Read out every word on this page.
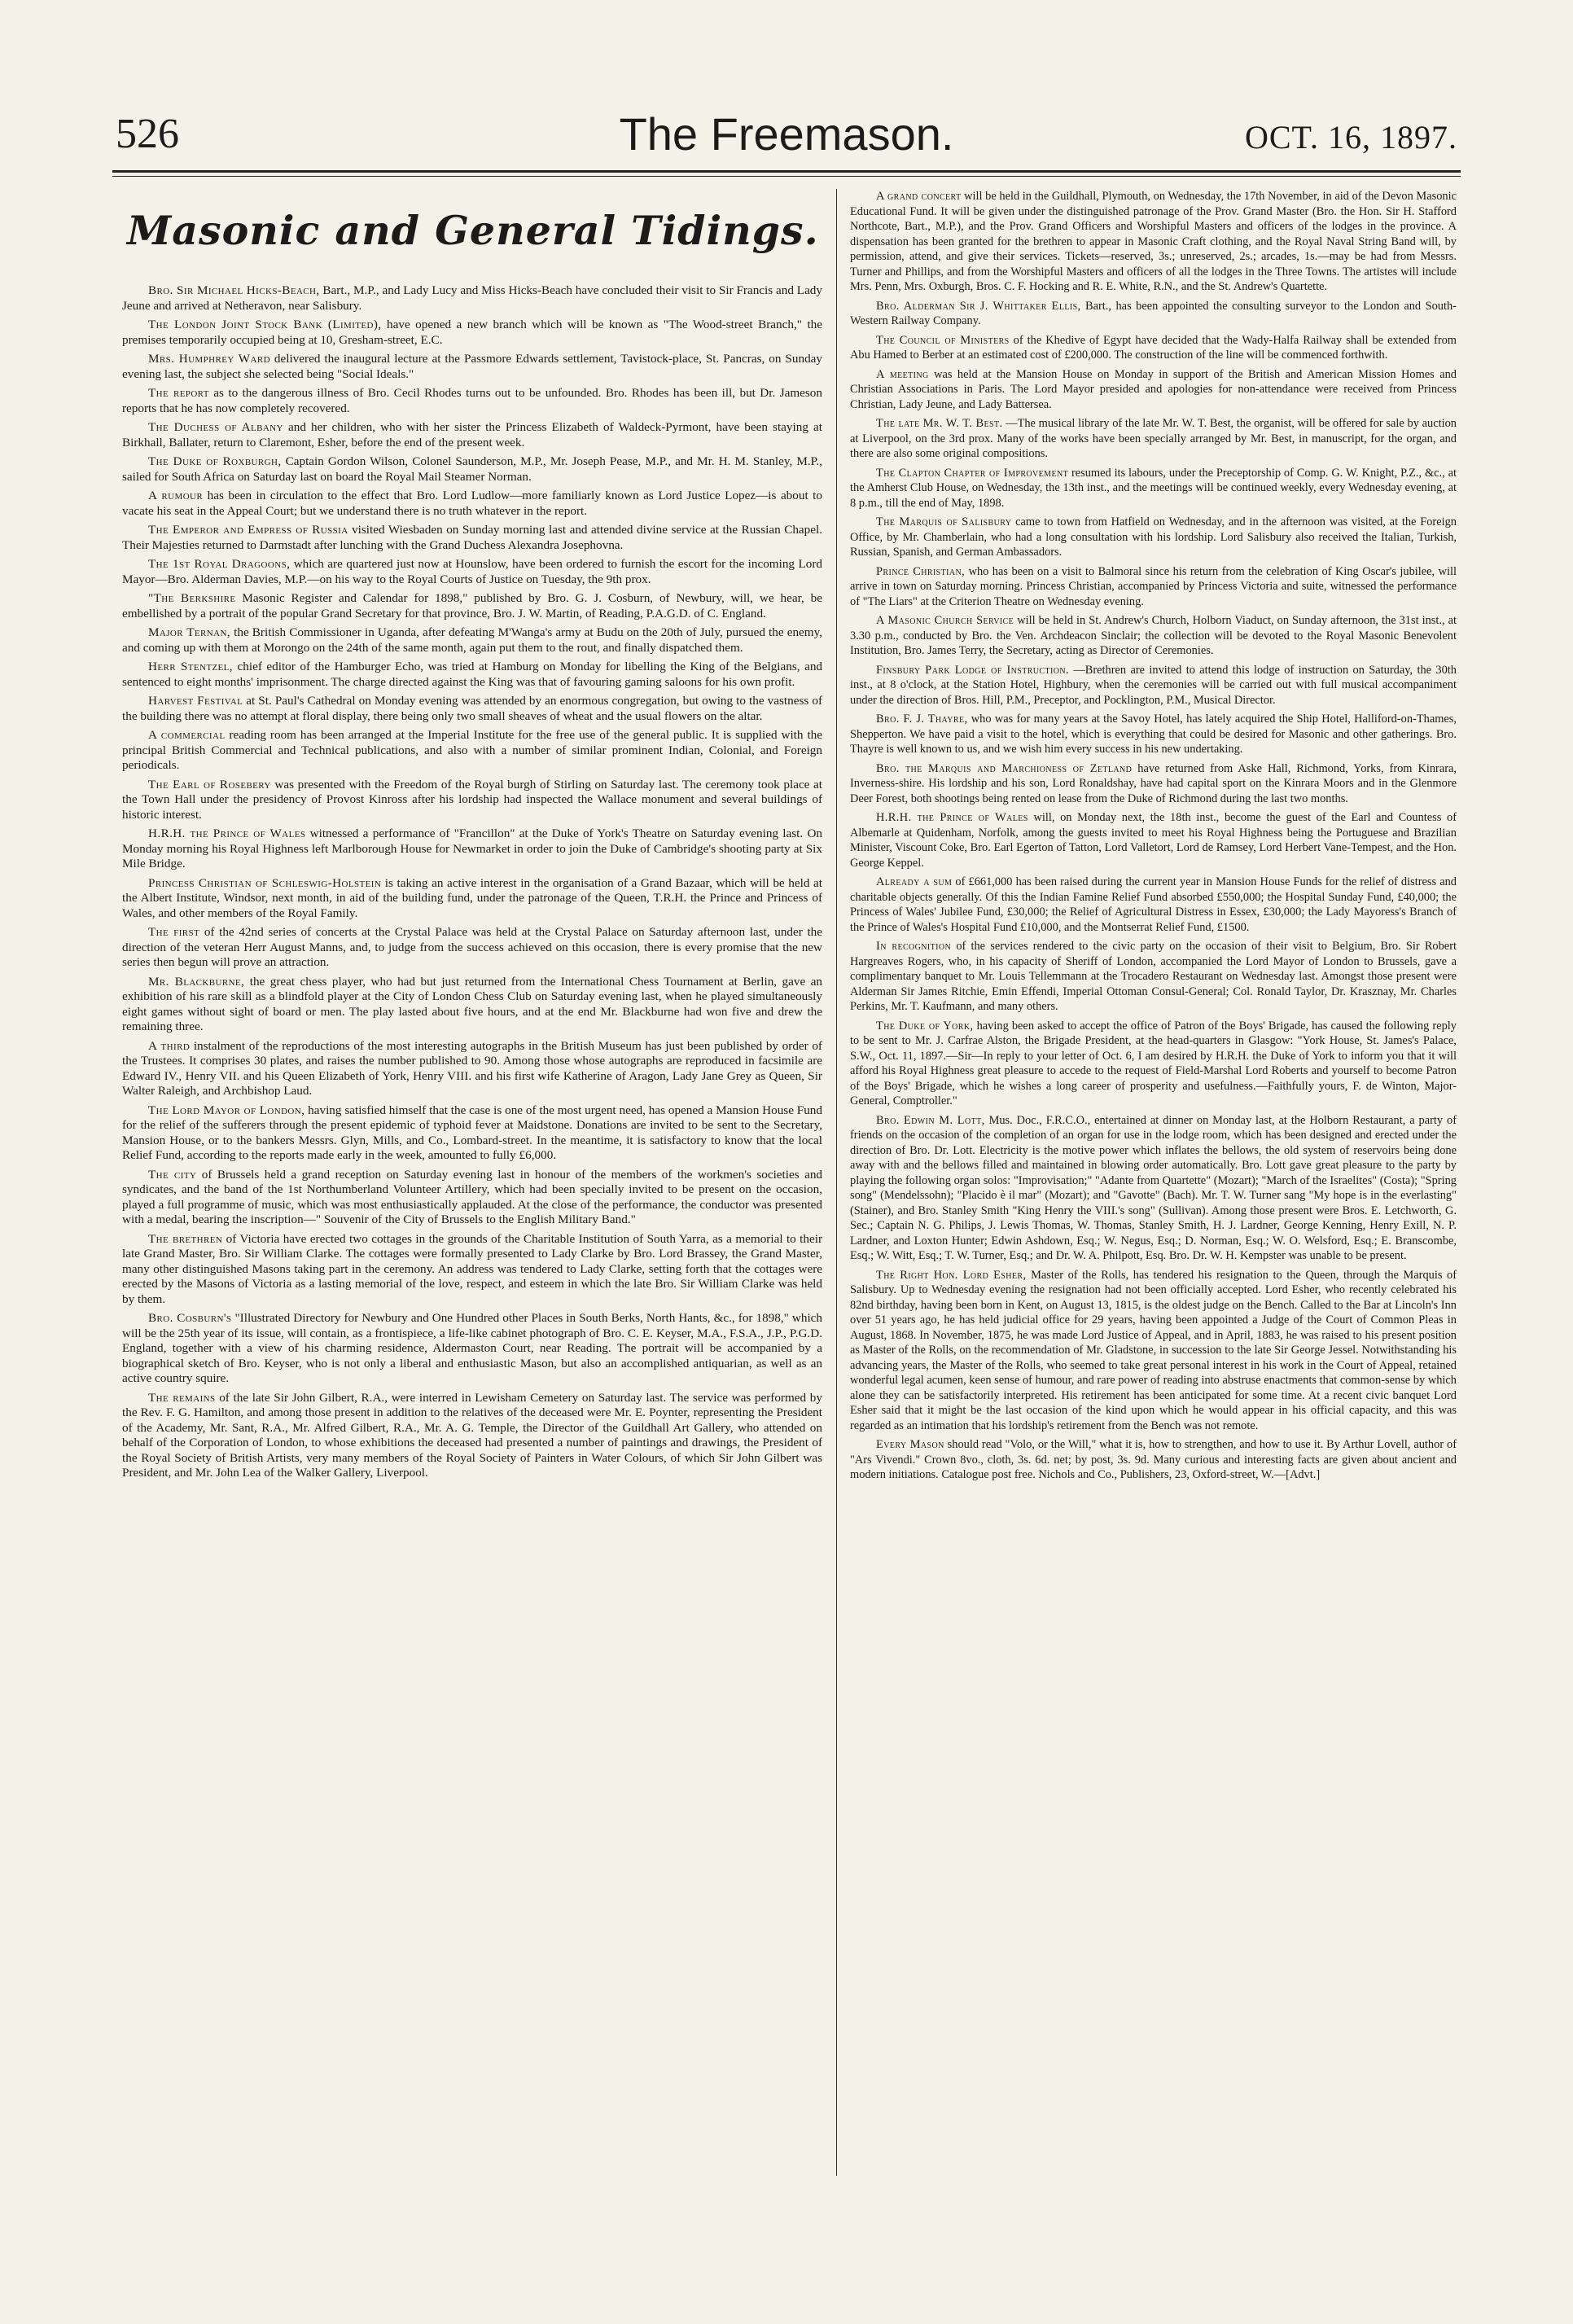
526	The Freemason.	OCT. 16, 1897.
Masonic and General Tidings.

Bro. Sir Michael Hicks-Beach, Bart., M.P., and Lady Lucy and Miss Hicks-Beach have concluded their visit to Sir Francis and Lady Jeune and arrived at Netheravon, near Salisbury.

The London Joint Stock Bank (Limited), have opened a new branch which will be known as "The Wood-street Branch," the premises temporarily occupied being at 10, Gresham-street, E.C.

Mrs. Humphrey Ward delivered the inaugural lecture at the Passmore Edwards settlement, Tavistock-place, St. Pancras, on Sunday evening last, the subject she selected being "Social Ideals."

The report as to the dangerous illness of Bro. Cecil Rhodes turns out to be unfounded. Bro. Rhodes has been ill, but Dr. Jameson reports that he has now completely recovered.

The Duchess of Albany and her children, who with her sister the Princess Elizabeth of Waldeck-Pyrmont, have been staying at Birkhall, Ballater, return to Claremont, Esher, before the end of the present week.

The Duke of Roxburgh, Captain Gordon Wilson, Colonel Saunderson, M.P., Mr. Joseph Pease, M.P., and Mr. H. M. Stanley, M.P., sailed for South Africa on Saturday last on board the Royal Mail Steamer Norman.

A rumour has been in circulation to the effect that Bro. Lord Ludlow—more familiarly known as Lord Justice Lopez—is about to vacate his seat in the Appeal Court; but we understand there is no truth whatever in the report.

The Emperor and Empress of Russia visited Wiesbaden on Sunday morning last and attended divine service at the Russian Chapel. Their Majesties returned to Darmstadt after lunching with the Grand Duchess Alexandra Josephovna.

The 1st Royal Dragoons, which are quartered just now at Hounslow, have been ordered to furnish the escort for the incoming Lord Mayor—Bro. Alderman Davies, M.P.—on his way to the Royal Courts of Justice on Tuesday, the 9th prox.

"The Berkshire Masonic Register and Calendar for 1898," published by Bro. G. J. Cosburn, of Newbury, will, we hear, be embellished by a portrait of the popular Grand Secretary for that province, Bro. J. W. Martin, of Reading, P.A.G.D. of C. England.

Major Ternan, the British Commissioner in Uganda, after defeating M'Wanga's army at Budu on the 20th of July, pursued the enemy, and coming up with them at Morongo on the 24th of the same month, again put them to the rout, and finally dispatched them.

Herr Stentzel, chief editor of the Hamburger Echo, was tried at Hamburg on Monday for libelling the King of the Belgians, and sentenced to eight months' imprisonment. The charge directed against the King was that of favouring gaming saloons for his own profit.

Harvest Festival at St. Paul's Cathedral on Monday evening was attended by an enormous congregation, but owing to the vastness of the building there was no attempt at floral display, there being only two small sheaves of wheat and the usual flowers on the altar.

A commercial reading room has been arranged at the Imperial Institute for the free use of the general public. It is supplied with the principal British Commercial and Technical publications, and also with a number of similar prominent Indian, Colonial, and Foreign periodicals.

The Earl of Rosebery was presented with the Freedom of the Royal burgh of Stirling on Saturday last. The ceremony took place at the Town Hall under the presidency of Provost Kinross after his lordship had inspected the Wallace monument and several buildings of historic interest.

H.R.H. the Prince of Wales witnessed a performance of "Francillon" at the Duke of York's Theatre on Saturday evening last. On Monday morning his Royal Highness left Marlborough House for Newmarket in order to join the Duke of Cambridge's shooting party at Six Mile Bridge.

Princess Christian of Schleswig-Holstein is taking an active interest in the organisation of a Grand Bazaar, which will be held at the Albert Institute, Windsor, next month, in aid of the building fund, under the patronage of the Queen, T.R.H. the Prince and Princess of Wales, and other members of the Royal Family.

The first of the 42nd series of concerts at the Crystal Palace was held at the Crystal Palace on Saturday afternoon last, under the direction of the veteran Herr August Manns, and, to judge from the success achieved on this occasion, there is every promise that the new series then begun will prove an attraction.

Mr. Blackburne, the great chess player, who had but just returned from the International Chess Tournament at Berlin, gave an exhibition of his rare skill as a blindfold player at the City of London Chess Club on Saturday evening last, when he played simultaneously eight games without sight of board or men. The play lasted about five hours, and at the end Mr. Blackburne had won five and drew the remaining three.

A third instalment of the reproductions of the most interesting autographs in the British Museum has just been published by order of the Trustees. It comprises 30 plates, and raises the number published to 90. Among those whose autographs are reproduced in facsimile are Edward IV., Henry VII. and his Queen Elizabeth of York, Henry VIII. and his first wife Katherine of Aragon, Lady Jane Grey as Queen, Sir Walter Raleigh, and Archbishop Laud.

The Lord Mayor of London, having satisfied himself that the case is one of the most urgent need, has opened a Mansion House Fund for the relief of the sufferers through the present epidemic of typhoid fever at Maidstone. Donations are invited to be sent to the Secretary, Mansion House, or to the bankers Messrs. Glyn, Mills, and Co., Lombard-street. In the meantime, it is satisfactory to know that the local Relief Fund, according to the reports made early in the week, amounted to fully £6,000.

The city of Brussels held a grand reception on Saturday evening last in honour of the members of the workmen's societies and syndicates, and the band of the 1st Northumberland Volunteer Artillery, which had been specially invited to be present on the occasion, played a full programme of music, which was most enthusiastically applauded. At the close of the performance, the conductor was presented with a medal, bearing the inscription—" Souvenir of the City of Brussels to the English Military Band."

The brethren of Victoria have erected two cottages in the grounds of the Charitable Institution of South Yarra, as a memorial to their late Grand Master, Bro. Sir William Clarke. The cottages were formally presented to Lady Clarke by Bro. Lord Brassey, the Grand Master, many other distinguished Masons taking part in the ceremony. An address was tendered to Lady Clarke, setting forth that the cottages were erected by the Masons of Victoria as a lasting memorial of the love, respect, and esteem in which the late Bro. Sir William Clarke was held by them.

Bro. Cosburn's "Illustrated Directory for Newbury and One Hundred other Places in South Berks, North Hants, &c., for 1898," which will be the 25th year of its issue, will contain, as a frontispiece, a life-like cabinet photograph of Bro. C. E. Keyser, M.A., F.S.A., J.P., P.G.D. England, together with a view of his charming residence, Aldermaston Court, near Reading. The portrait will be accompanied by a biographical sketch of Bro. Keyser, who is not only a liberal and enthusiastic Mason, but also an accomplished antiquarian, as well as an active country squire.

The remains of the late Sir John Gilbert, R.A., were interred in Lewisham Cemetery on Saturday last. The service was performed by the Rev. F. G. Hamilton, and among those present in addition to the relatives of the deceased were Mr. E. Poynter, representing the President of the Academy, Mr. Sant, R.A., Mr. Alfred Gilbert, R.A., Mr. A. G. Temple, the Director of the Guildhall Art Gallery, who attended on behalf of the Corporation of London, to whose exhibitions the deceased had presented a number of paintings and drawings, the President of the Royal Society of British Artists, very many members of the Royal Society of Painters in Water Colours, of which Sir John Gilbert was President, and Mr. John Lea of the Walker Gallery, Liverpool.

A grand concert will be held in the Guildhall, Plymouth, on Wednesday, the 17th November, in aid of the Devon Masonic Educational Fund. It will be given under the distinguished patronage of the Prov. Grand Master (Bro. the Hon. Sir H. Stafford Northcote, Bart., M.P.), and the Prov. Grand Officers and Worshipful Masters and officers of the lodges in the province. A dispensation has been granted for the brethren to appear in Masonic Craft clothing, and the Royal Naval String Band will, by permission, attend, and give their services. Tickets—reserved, 3s.; unreserved, 2s.; arcades, 1s.—may be had from Messrs. Turner and Phillips, and from the Worshipful Masters and officers of all the lodges in the Three Towns. The artistes will include Mrs. Penn, Mrs. Oxburgh, Bros. C. F. Hocking and R. E. White, R.N., and the St. Andrew's Quartette.

Bro. Alderman Sir J. Whittaker Ellis, Bart., has been appointed the consulting surveyor to the London and South-Western Railway Company.

The Council of Ministers of the Khedive of Egypt have decided that the Wady-Halfa Railway shall be extended from Abu Hamed to Berber at an estimated cost of £200,000. The construction of the line will be commenced forthwith.

A meeting was held at the Mansion House on Monday in support of the British and American Mission Homes and Christian Associations in Paris. The Lord Mayor presided and apologies for non-attendance were received from Princess Christian, Lady Jeune, and Lady Battersea.

The late Mr. W. T. Best. —The musical library of the late Mr. W. T. Best, the organist, will be offered for sale by auction at Liverpool, on the 3rd prox. Many of the works have been specially arranged by Mr. Best, in manuscript, for the organ, and there are also some original compositions.

The Clapton Chapter of Improvement resumed its labours, under the Preceptorship of Comp. G. W. Knight, P.Z., &c., at the Amherst Club House, on Wednesday, the 13th inst., and the meetings will be continued weekly, every Wednesday evening, at 8 p.m., till the end of May, 1898.

The Marquis of Salisbury came to town from Hatfield on Wednesday, and in the afternoon was visited, at the Foreign Office, by Mr. Chamberlain, who had a long consultation with his lordship. Lord Salisbury also received the Italian, Turkish, Russian, Spanish, and German Ambassadors.

Prince Christian, who has been on a visit to Balmoral since his return from the celebration of King Oscar's jubilee, will arrive in town on Saturday morning. Princess Christian, accompanied by Princess Victoria and suite, witnessed the performance of "The Liars" at the Criterion Theatre on Wednesday evening.

A Masonic Church Service will be held in St. Andrew's Church, Holborn Viaduct, on Sunday afternoon, the 31st inst., at 3.30 p.m., conducted by Bro. the Ven. Archdeacon Sinclair; the collection will be devoted to the Royal Masonic Benevolent Institution, Bro. James Terry, the Secretary, acting as Director of Ceremonies.

Finsbury Park Lodge of Instruction. —Brethren are invited to attend this lodge of instruction on Saturday, the 30th inst., at 8 o'clock, at the Station Hotel, Highbury, when the ceremonies will be carried out with full musical accompaniment under the direction of Bros. Hill, P.M., Preceptor, and Pocklington, P.M., Musical Director.

Bro. F. J. Thayre, who was for many years at the Savoy Hotel, has lately acquired the Ship Hotel, Halliford-on-Thames, Shepperton. We have paid a visit to the hotel, which is everything that could be desired for Masonic and other gatherings. Bro. Thayre is well known to us, and we wish him every success in his new undertaking.

Bro. the Marquis and Marchioness of Zetland have returned from Aske Hall, Richmond, Yorks, from Kinrara, Inverness-shire. His lordship and his son, Lord Ronaldshay, have had capital sport on the Kinrara Moors and in the Glenmore Deer Forest, both shootings being rented on lease from the Duke of Richmond during the last two months.

H.R.H. the Prince of Wales will, on Monday next, the 18th inst., become the guest of the Earl and Countess of Albemarle at Quidenham, Norfolk, among the guests invited to meet his Royal Highness being the Portuguese and Brazilian Minister, Viscount Coke, Bro. Earl Egerton of Tatton, Lord Valletort, Lord de Ramsey, Lord Herbert Vane-Tempest, and the Hon. George Keppel.

Already a sum of £661,000 has been raised during the current year in Mansion House Funds for the relief of distress and charitable objects generally. Of this the Indian Famine Relief Fund absorbed £550,000; the Hospital Sunday Fund, £40,000; the Princess of Wales' Jubilee Fund, £30,000; the Relief of Agricultural Distress in Essex, £30,000; the Lady Mayoress's Branch of the Prince of Wales's Hospital Fund £10,000, and the Montserrat Relief Fund, £1500.

In recognition of the services rendered to the civic party on the occasion of their visit to Belgium, Bro. Sir Robert Hargreaves Rogers, who, in his capacity of Sheriff of London, accompanied the Lord Mayor of London to Brussels, gave a complimentary banquet to Mr. Louis Tellemmann at the Trocadero Restaurant on Wednesday last. Amongst those present were Alderman Sir James Ritchie, Emin Effendi, Imperial Ottoman Consul-General; Col. Ronald Taylor, Dr. Krasznay, Mr. Charles Perkins, Mr. T. Kaufmann, and many others.

The Duke of York, having been asked to accept the office of Patron of the Boys' Brigade, has caused the following reply to be sent to Mr. J. Carfrae Alston, the Brigade President, at the head-quarters in Glasgow: "York House, St. James's Palace, S.W., Oct. 11, 1897.—Sir—In reply to your letter of Oct. 6, I am desired by H.R.H. the Duke of York to inform you that it will afford his Royal Highness great pleasure to accede to the request of Field-Marshal Lord Roberts and yourself to become Patron of the Boys' Brigade, which he wishes a long career of prosperity and usefulness.—Faithfully yours, F. de Winton, Major-General, Comptroller."

Bro. Edwin M. Lott, Mus. Doc., F.R.C.O., entertained at dinner on Monday last, at the Holborn Restaurant, a party of friends on the occasion of the completion of an organ for use in the lodge room, which has been designed and erected under the direction of Bro. Dr. Lott. Electricity is the motive power which inflates the bellows, the old system of reservoirs being done away with and the bellows filled and maintained in blowing order automatically. Bro. Lott gave great pleasure to the party by playing the following organ solos: "Improvisation;" "Adante from Quartette" (Mozart); "March of the Israelites" (Costa); "Spring song" (Mendelssohn); "Placido è il mar" (Mozart); and "Gavotte" (Bach). Mr. T. W. Turner sang "My hope is in the everlasting" (Stainer), and Bro. Stanley Smith "King Henry the VIII.'s song" (Sullivan). Among those present were Bros. E. Letchworth, G. Sec.; Captain N. G. Philips, J. Lewis Thomas, W. Thomas, Stanley Smith, H. J. Lardner, George Kenning, Henry Exill, N. P. Lardner, and Loxton Hunter; Edwin Ashdown, Esq.; W. Negus, Esq.; D. Norman, Esq.; W. O. Welsford, Esq.; E. Branscombe, Esq.; W. Witt, Esq.; T. W. Turner, Esq.; and Dr. W. A. Philpott, Esq. Bro. Dr. W. H. Kempster was unable to be present.

The Right Hon. Lord Esher, Master of the Rolls, has tendered his resignation to the Queen, through the Marquis of Salisbury. Up to Wednesday evening the resignation had not been officially accepted. Lord Esher, who recently celebrated his 82nd birthday, having been born in Kent, on August 13, 1815, is the oldest judge on the Bench. Called to the Bar at Lincoln's Inn over 51 years ago, he has held judicial office for 29 years, having been appointed a Judge of the Court of Common Pleas in August, 1868. In November, 1875, he was made Lord Justice of Appeal, and in April, 1883, he was raised to his present position as Master of the Rolls, on the recommendation of Mr. Gladstone, in succession to the late Sir George Jessel. Notwithstanding his advancing years, the Master of the Rolls, who seemed to take great personal interest in his work in the Court of Appeal, retained wonderful legal acumen, keen sense of humour, and rare power of reading into abstruse enactments that common-sense by which alone they can be satisfactorily interpreted. His retirement has been anticipated for some time. At a recent civic banquet Lord Esher said that it might be the last occasion of the kind upon which he would appear in his official capacity, and this was regarded as an intimation that his lordship's retirement from the Bench was not remote.

Every Mason should read "Volo, or the Will," what it is, how to strengthen, and how to use it. By Arthur Lovell, author of "Ars Vivendi." Crown 8vo., cloth, 3s. 6d. net; by post, 3s. 9d. Many curious and interesting facts are given about ancient and modern initiations. Catalogue post free. Nichols and Co., Publishers, 23, Oxford-street, W.—[Advt.]
